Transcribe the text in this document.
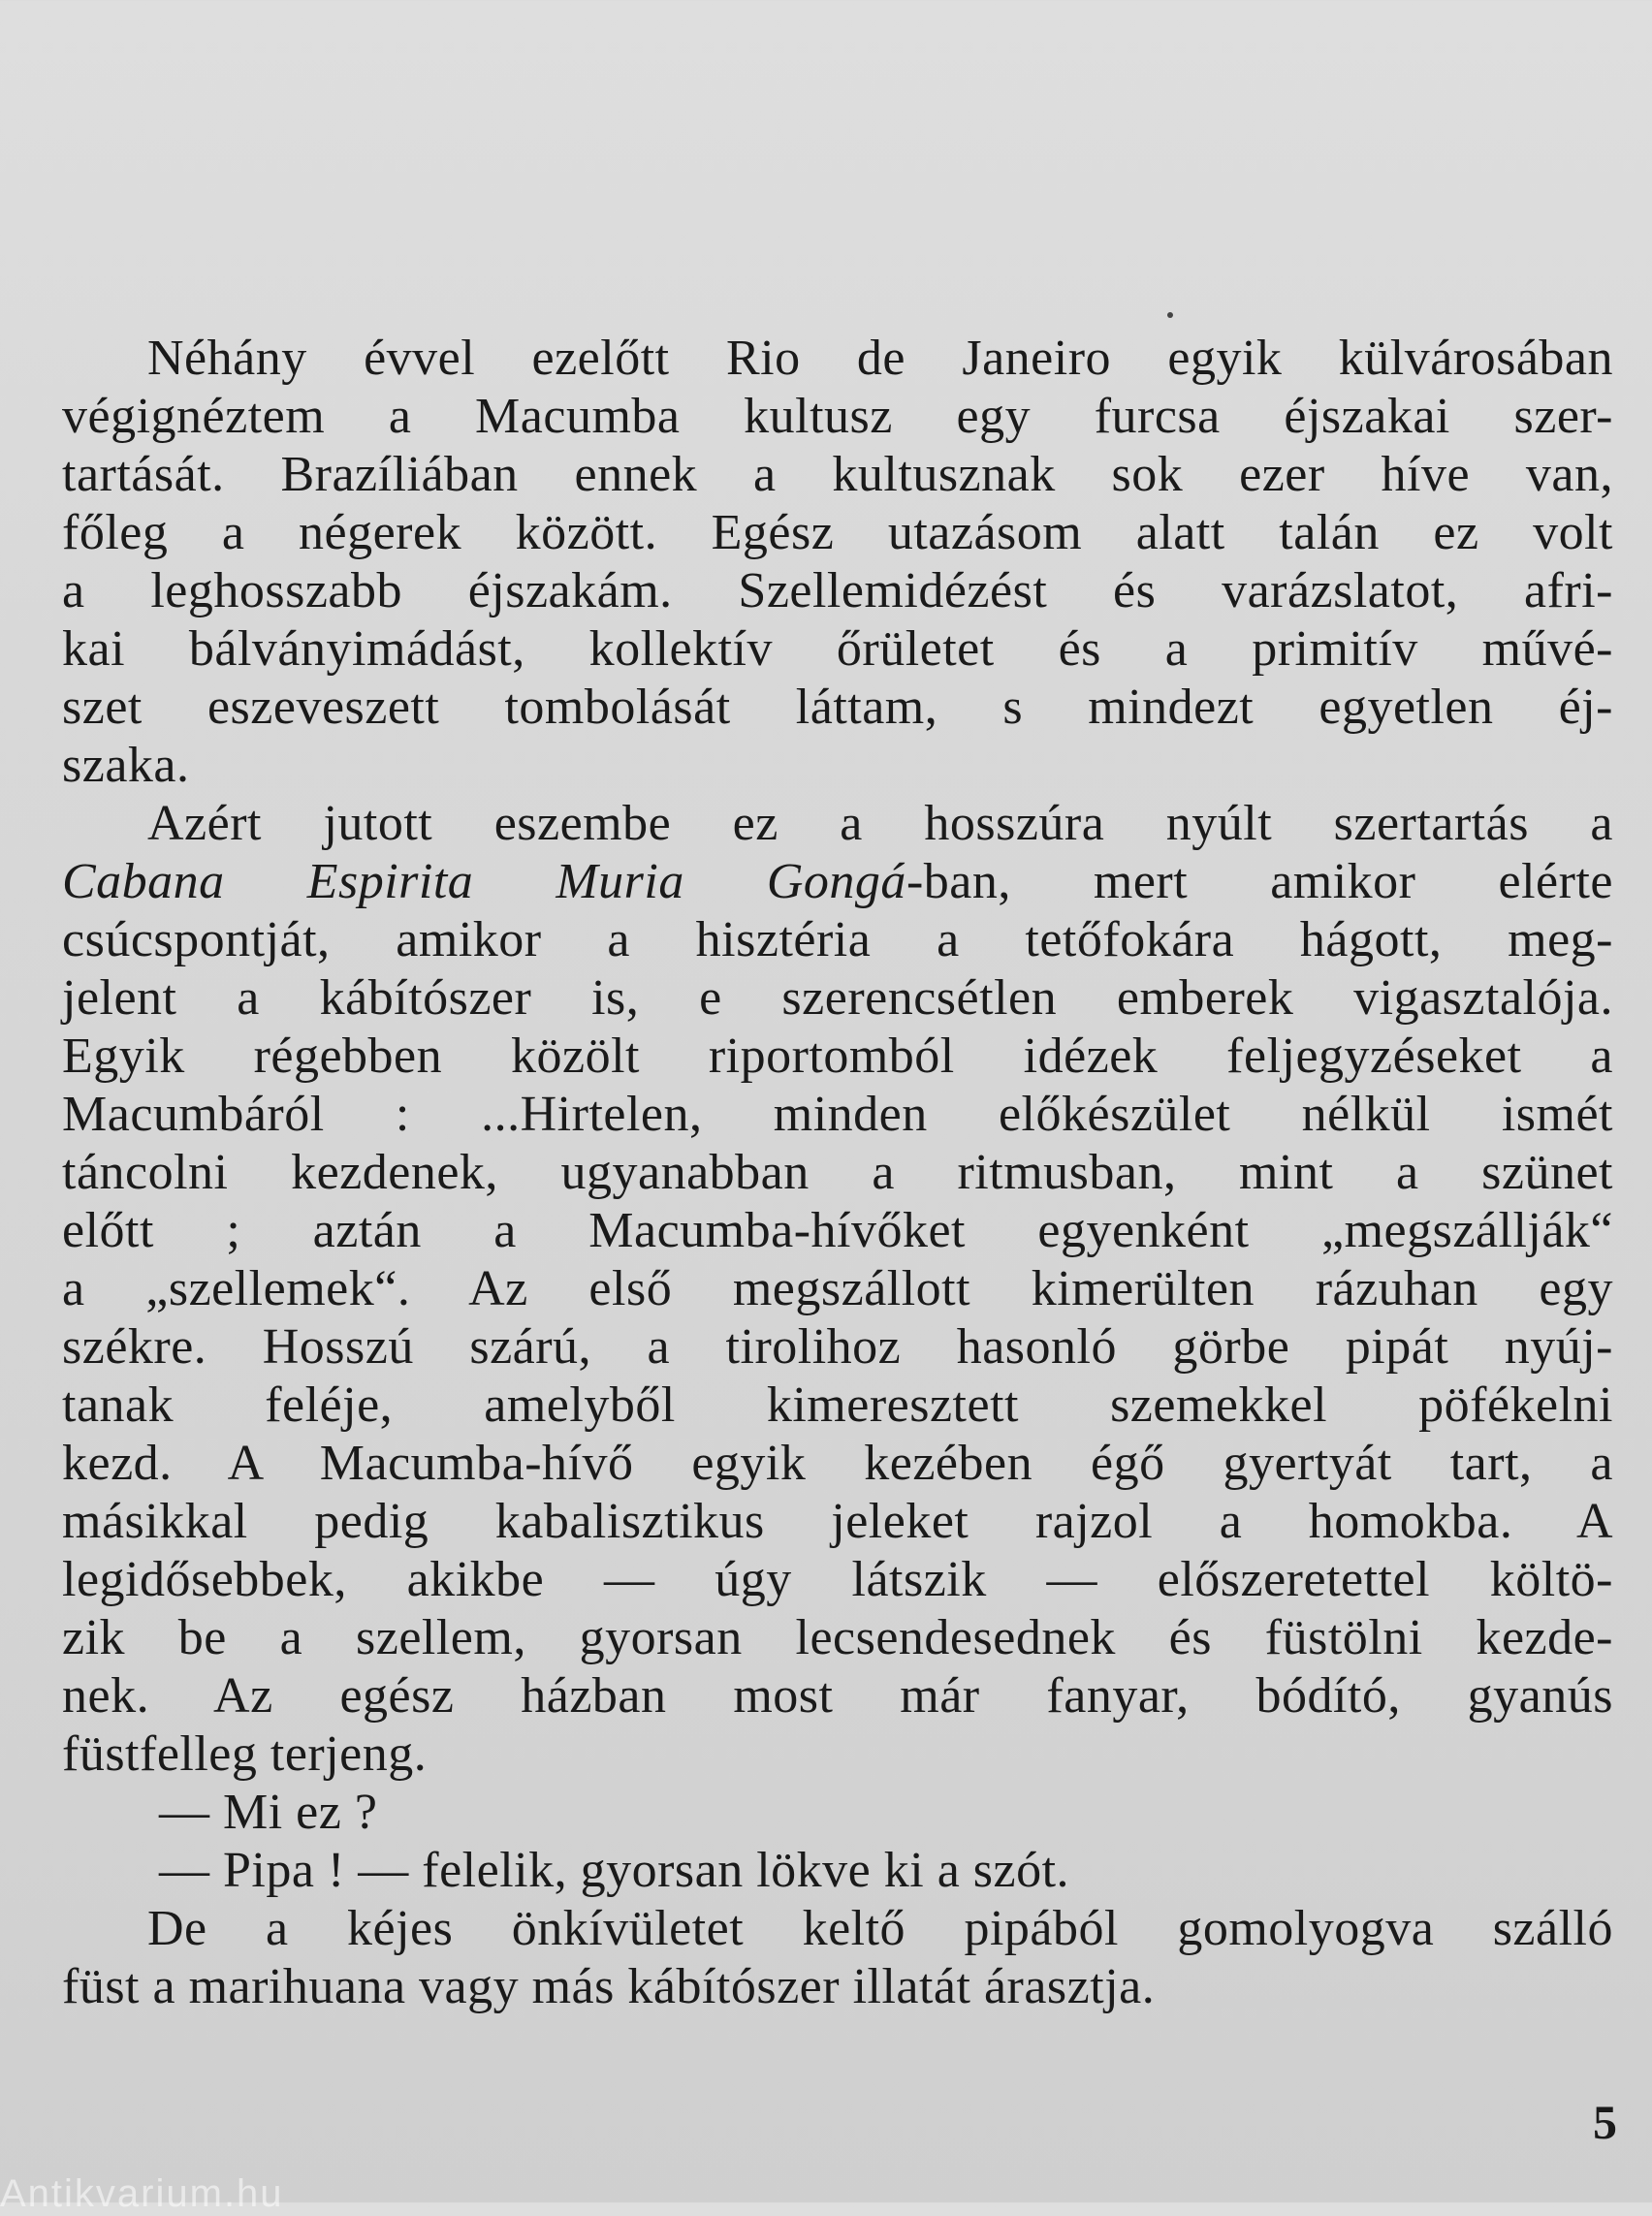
Néhány évvel ezelőtt Rio de Janeiro egyik külvárosában
végignéztem a Macumba kultusz egy furcsa éjszakai szer-
tartását. Brazíliában ennek a kultusznak sok ezer híve van,
főleg a négerek között. Egész utazásom alatt talán ez volt
a leghosszabb éjszakám. Szellemidézést és varázslatot, afri-
kai bálványimádást, kollektív őrületet és a primitív művé-
szet eszeveszett tombolását láttam, s mindezt egyetlen éj-
szaka.
Azért jutott eszembe ez a hosszúra nyúlt szertartás a
Cabana Espirita Muria Gongá-ban, mert amikor elérte
csúcspontját, amikor a hisztéria a tetőfokára hágott, meg-
jelent a kábítószer is, e szerencsétlen emberek vigasztalója.
Egyik régebben közölt riportomból idézek feljegyzéseket a
Macumbáról : ...Hirtelen, minden előkészület nélkül ismét
táncolni kezdenek, ugyanabban a ritmusban, mint a szünet
előtt ; aztán a Macumba-hívőket egyenként „megszállják“
a „szellemek“. Az első megszállott kimerülten rázuhan egy
székre. Hosszú szárú, a tirolihoz hasonló görbe pipát nyúj-
tanak feléje, amelyből kimeresztett szemekkel pöfékelni
kezd. A Macumba-hívő egyik kezében égő gyertyát tart, a
másikkal pedig kabalisztikus jeleket rajzol a homokba. A
legidősebbek, akikbe — úgy látszik — előszeretettel költö-
zik be a szellem, gyorsan lecsendesednek és füstölni kezde-
nek. Az egész házban most már fanyar, bódító, gyanús
füstfelleg terjeng.
— Mi ez ?
— Pipa ! — felelik, gyorsan lökve ki a szót.
De a kéjes önkívületet keltő pipából gomolyogva szálló
füst a marihuana vagy más kábítószer illatát árasztja.
5
Antikvarium.hu
